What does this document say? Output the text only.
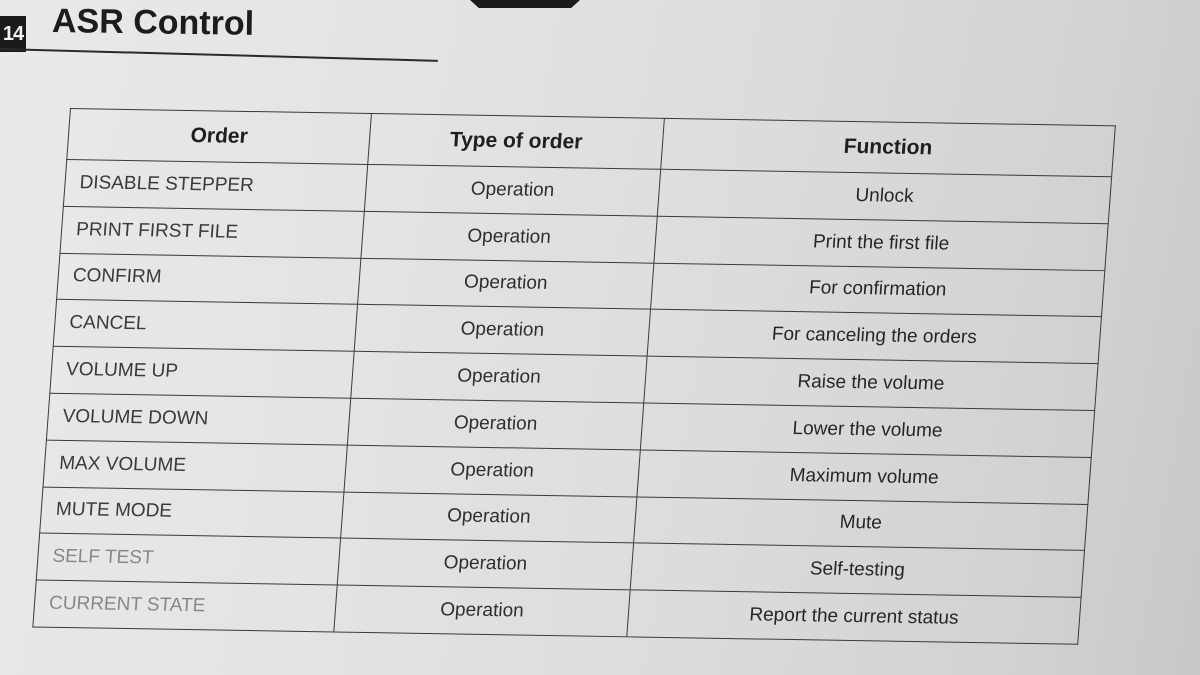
14 ASR Control
Order	Type of order	Function
DISABLE STEPPER	Operation	Unlock
PRINT FIRST FILE	Operation	Print the first file
CONFIRM	Operation	For confirmation
CANCEL	Operation	For canceling the orders
VOLUME UP	Operation	Raise the volume
VOLUME DOWN	Operation	Lower the volume
MAX VOLUME	Operation	Maximum volume
MUTE MODE	Operation	Mute
SELF TEST	Operation	Self-testing
CURRENT STATE	Operation	Report the current status
